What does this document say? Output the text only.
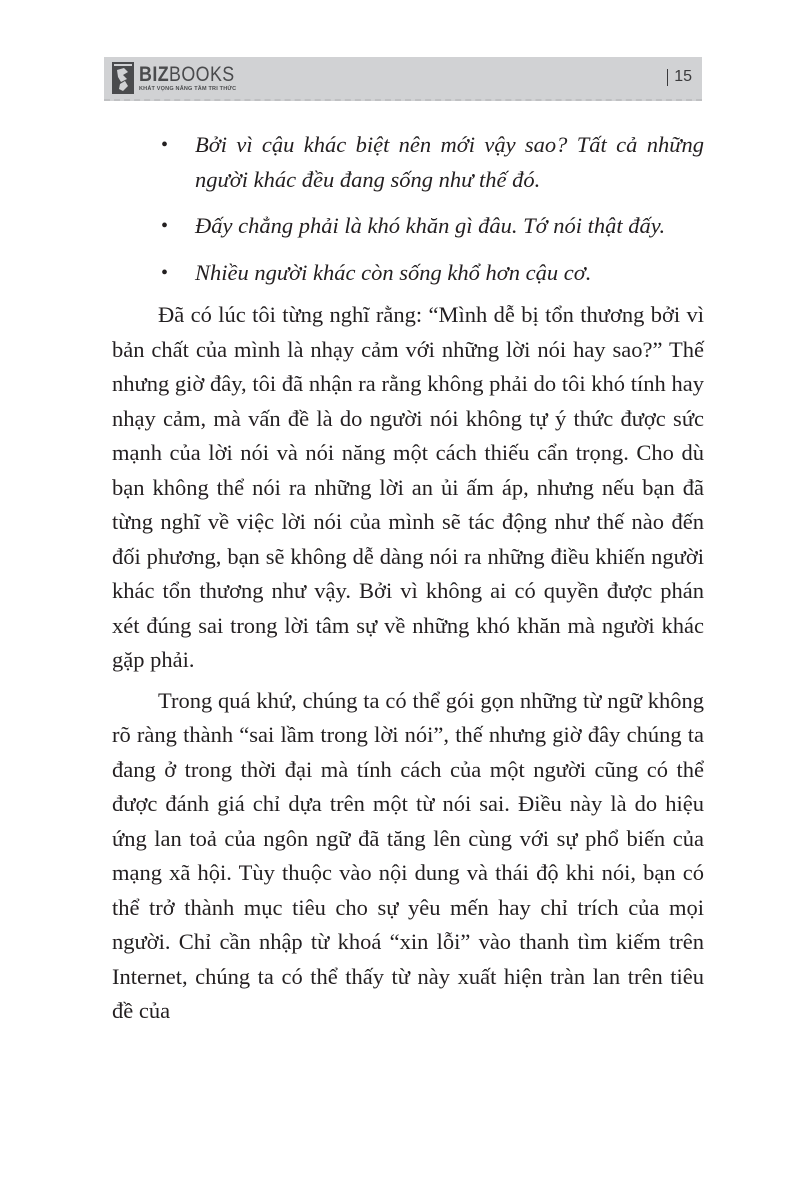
BIZBOOKS
KHÁT VỌNG NÂNG TẦM TRI THỨC
15
• Bởi vì cậu khác biệt nên mới vậy sao? Tất cả những người khác đều đang sống như thế đó.
• Đấy chẳng phải là khó khăn gì đâu. Tớ nói thật đấy.
• Nhiều người khác còn sống khổ hơn cậu cơ.

Đã có lúc tôi từng nghĩ rằng: “Mình dễ bị tổn thương bởi vì bản chất của mình là nhạy cảm với những lời nói hay sao?” Thế nhưng giờ đây, tôi đã nhận ra rằng không phải do tôi khó tính hay nhạy cảm, mà vấn đề là do người nói không tự ý thức được sức mạnh của lời nói và nói năng một cách thiếu cẩn trọng. Cho dù bạn không thể nói ra những lời an ủi ấm áp, nhưng nếu bạn đã từng nghĩ về việc lời nói của mình sẽ tác động như thế nào đến đối phương, bạn sẽ không dễ dàng nói ra những điều khiến người khác tổn thương như vậy. Bởi vì không ai có quyền được phán xét đúng sai trong lời tâm sự về những khó khăn mà người khác gặp phải.

Trong quá khứ, chúng ta có thể gói gọn những từ ngữ không rõ ràng thành “sai lầm trong lời nói”, thế nhưng giờ đây chúng ta đang ở trong thời đại mà tính cách của một người cũng có thể được đánh giá chỉ dựa trên một từ nói sai. Điều này là do hiệu ứng lan toả của ngôn ngữ đã tăng lên cùng với sự phổ biến của mạng xã hội. Tùy thuộc vào nội dung và thái độ khi nói, bạn có thể trở thành mục tiêu cho sự yêu mến hay chỉ trích của mọi người. Chỉ cần nhập từ khoá “xin lỗi” vào thanh tìm kiếm trên Internet, chúng ta có thể thấy từ này xuất hiện tràn lan trên tiêu đề của
